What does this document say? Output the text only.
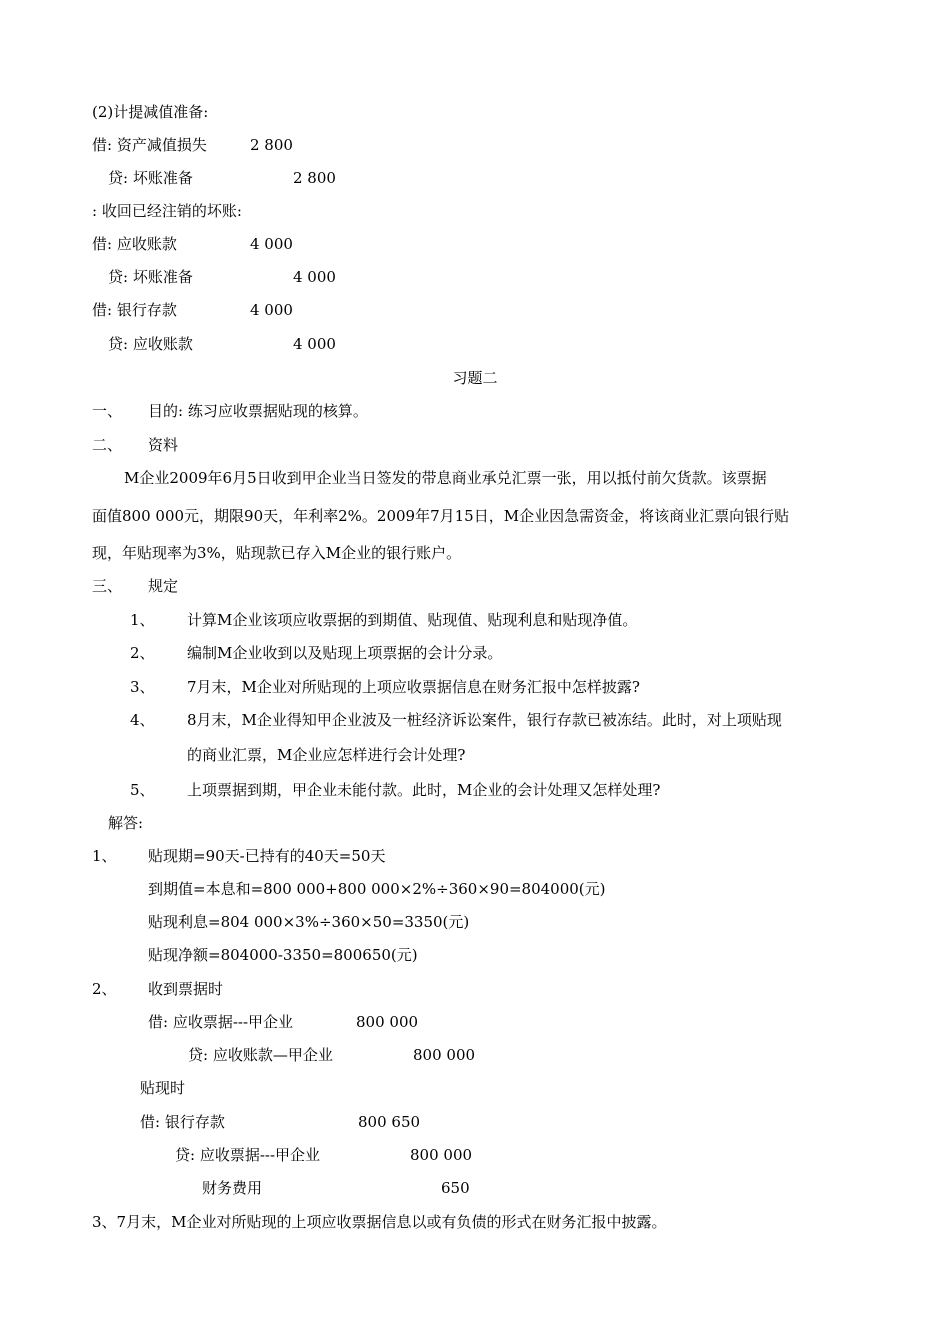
(2)计提减值准备:
借: 资产减值损失	2 800
贷: 坏账准备	2 800
: 收回已经注销的坏账:
借: 应收账款	4 000
贷: 坏账准备	4 000
借: 银行存款	4 000
贷: 应收账款	4 000
习题二
一、 目的: 练习应收票据贴现的核算。
二、 资料
M企业2009年6月5日收到甲企业当日签发的带息商业承兑汇票一张，用以抵付前欠货款。该票据
面值800 000元，期限90天，年利率2%。2009年7月15日，M企业因急需资金，将该商业汇票向银行贴
现，年贴现率为3%，贴现款已存入M企业的银行账户。
三、 规定
1、 计算M企业该项应收票据的到期值、贴现值、贴现利息和贴现净值。
2、 编制M企业收到以及贴现上项票据的会计分录。
3、 7月末，M企业对所贴现的上项应收票据信息在财务汇报中怎样披露?
4、 8月末，M企业得知甲企业波及一桩经济诉讼案件，银行存款已被冻结。此时，对上项贴现
的商业汇票，M企业应怎样进行会计处理?
5、 上项票据到期，甲企业未能付款。此时，M企业的会计处理又怎样处理?
解答:
1、 贴现期=90天-已持有的40天=50天
到期值=本息和=800 000+800 000×2%÷360×90=804000(元)
贴现利息=804 000×3%÷360×50=3350(元)
贴现净额=804000-3350=800650(元)
2、 收到票据时
借: 应收票据---甲企业	800 000
贷: 应收账款—甲企业	800 000
贴现时
借: 银行存款	800 650
贷: 应收票据---甲企业	800 000
财务费用	650
3、7月末，M企业对所贴现的上项应收票据信息以或有负债的形式在财务汇报中披露。
